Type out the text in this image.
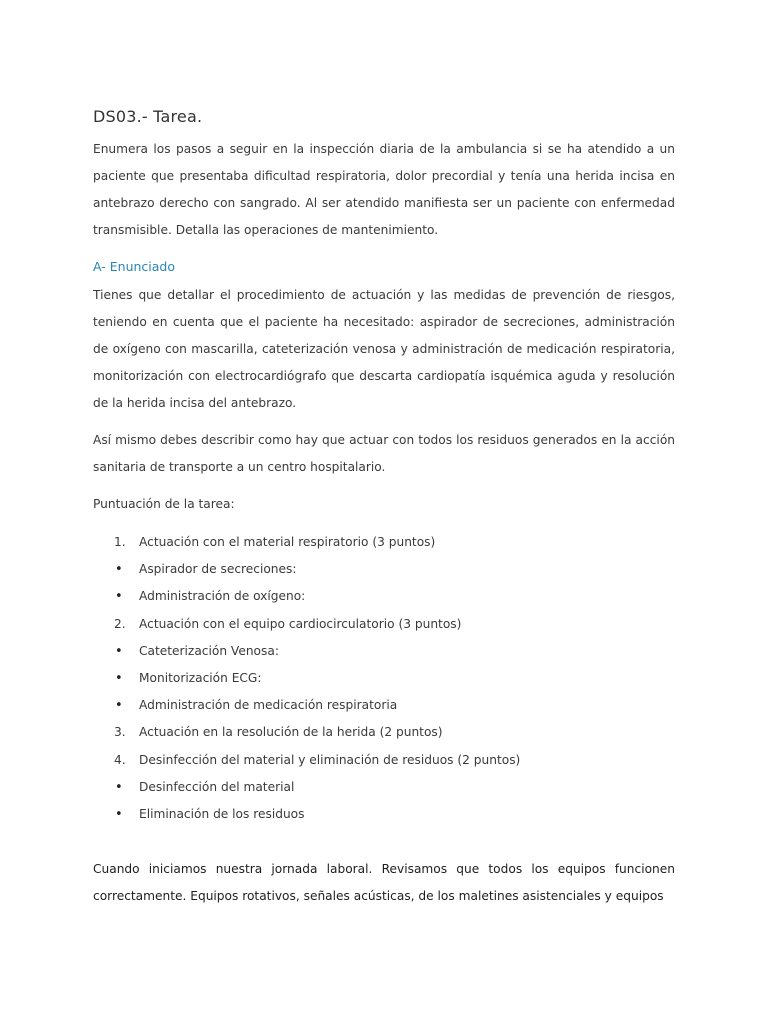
DS03.- Tarea.

Enumera los pasos a seguir en la inspección diaria de la ambulancia si se ha atendido a un paciente que presentaba dificultad respiratoria, dolor precordial y tenía una herida incisa en antebrazo derecho con sangrado. Al ser atendido manifiesta ser un paciente con enfermedad transmisible. Detalla las operaciones de mantenimiento.

A- Enunciado

Tienes que detallar el procedimiento de actuación y las medidas de prevención de riesgos, teniendo en cuenta que el paciente ha necesitado: aspirador de secreciones, administración de oxígeno con mascarilla, cateterización venosa y administración de medicación respiratoria, monitorización con electrocardiógrafo que descarta cardiopatía isquémica aguda y resolución de la herida incisa del antebrazo.

Así mismo debes describir como hay que actuar con todos los residuos generados en la acción sanitaria de transporte a un centro hospitalario.

Puntuación de la tarea:

1.	Actuación con el material respiratorio (3 puntos)
•	Aspirador de secreciones:
•	Administración de oxígeno:
2.	Actuación con el equipo cardiocirculatorio (3 puntos)
•	Cateterización Venosa:
•	Monitorización ECG:
•	Administración de medicación respiratoria
3.	Actuación en la resolución de la herida (2 puntos)
4.	Desinfección del material y eliminación de residuos (2 puntos)
•	Desinfección del material
•	Eliminación de los residuos

Cuando iniciamos nuestra jornada laboral. Revisamos que todos los equipos funcionen correctamente. Equipos rotativos, señales acústicas, de los maletines asistenciales y equipos
